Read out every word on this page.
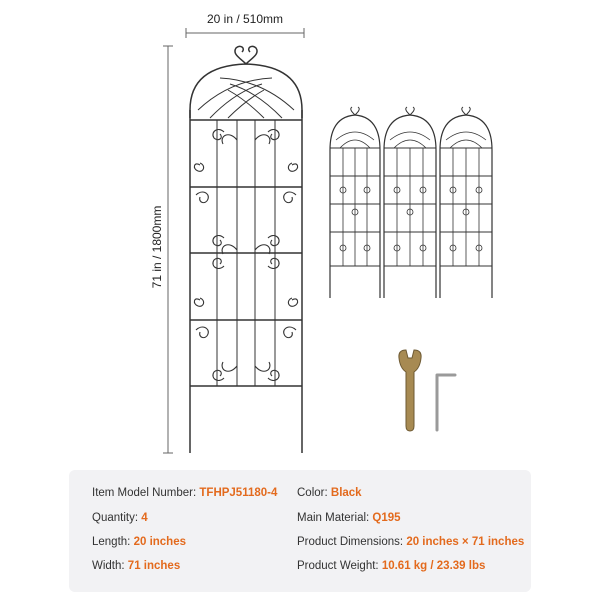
20 in / 510mm
71 in / 1800mm
Item Model Number: TFHPJ51180-4
Quantity: 4
Length: 20 inches
Width: 71 inches
Color: Black
Main Material: Q195
Product Dimensions: 20 inches × 71 inches
Product Weight: 10.61 kg / 23.39 lbs
